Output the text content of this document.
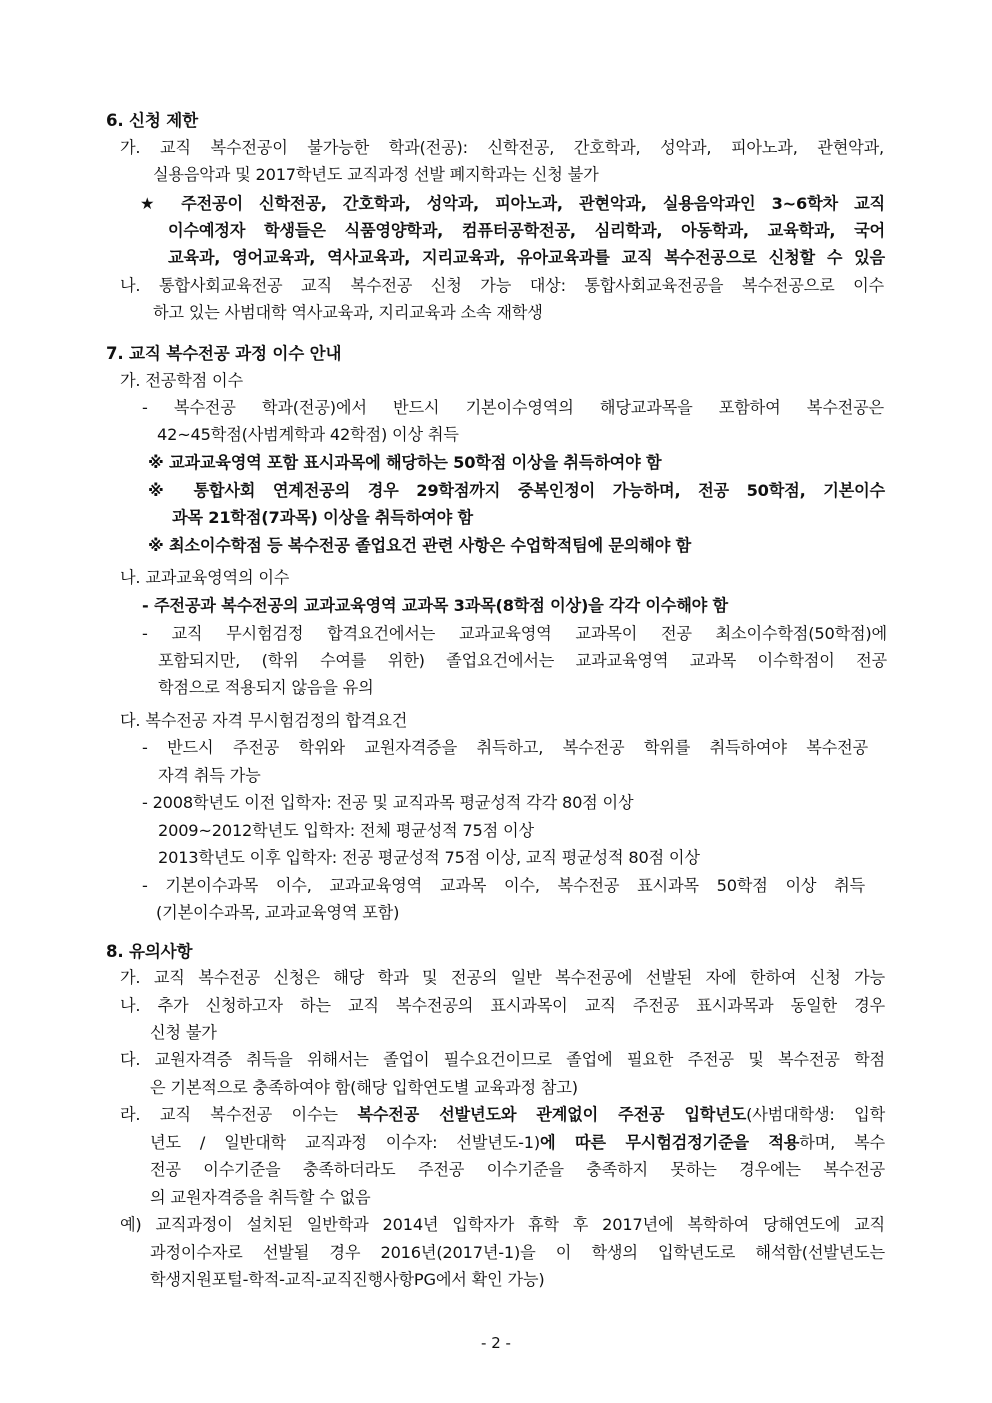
6. 신청 제한
가. 교직 복수전공이 불가능한 학과(전공): 신학전공, 간호학과, 성악과, 피아노과, 관현악과,
실용음악과 및 2017학년도 교직과정 선발 폐지학과는 신청 불가
★ 주전공이 신학전공, 간호학과, 성악과, 피아노과, 관현악과, 실용음악과인 3~6학차 교직
이수예정자 학생들은 식품영양학과, 컴퓨터공학전공, 심리학과, 아동학과, 교육학과, 국어
교육과, 영어교육과, 역사교육과, 지리교육과, 유아교육과를 교직 복수전공으로 신청할 수 있음
나. 통합사회교육전공 교직 복수전공 신청 가능 대상: 통합사회교육전공을 복수전공으로 이수
하고 있는 사범대학 역사교육과, 지리교육과 소속 재학생
7. 교직 복수전공 과정 이수 안내
가. 전공학점 이수
- 복수전공 학과(전공)에서 반드시 기본이수영역의 해당교과목을 포함하여 복수전공은
42~45학점(사범계학과 42학점) 이상 취득
※ 교과교육영역 포함 표시과목에 해당하는 50학점 이상을 취득하여야 함
※ 통합사회 연계전공의 경우 29학점까지 중복인정이 가능하며, 전공 50학점, 기본이수
과목 21학점(7과목) 이상을 취득하여야 함
※ 최소이수학점 등 복수전공 졸업요건 관련 사항은 수업학적팀에 문의해야 함
나. 교과교육영역의 이수
- 주전공과 복수전공의 교과교육영역 교과목 3과목(8학점 이상)을 각각 이수해야 함
- 교직 무시험검정 합격요건에서는 교과교육영역 교과목이 전공 최소이수학점(50학점)에
포함되지만, (학위 수여를 위한) 졸업요건에서는 교과교육영역 교과목 이수학점이 전공
학점으로 적용되지 않음을 유의
다. 복수전공 자격 무시험검정의 합격요건
- 반드시 주전공 학위와 교원자격증을 취득하고, 복수전공 학위를 취득하여야 복수전공
자격 취득 가능
- 2008학년도 이전 입학자: 전공 및 교직과목 평균성적 각각 80점 이상
2009~2012학년도 입학자: 전체 평균성적 75점 이상
2013학년도 이후 입학자: 전공 평균성적 75점 이상, 교직 평균성적 80점 이상
- 기본이수과목 이수, 교과교육영역 교과목 이수, 복수전공 표시과목 50학점 이상 취득
(기본이수과목, 교과교육영역 포함)
8. 유의사항
가. 교직 복수전공 신청은 해당 학과 및 전공의 일반 복수전공에 선발된 자에 한하여 신청 가능
나. 추가 신청하고자 하는 교직 복수전공의 표시과목이 교직 주전공 표시과목과 동일한 경우
신청 불가
다. 교원자격증 취득을 위해서는 졸업이 필수요건이므로 졸업에 필요한 주전공 및 복수전공 학점
은 기본적으로 충족하여야 함(해당 입학연도별 교육과정 참고)
라. 교직 복수전공 이수는 복수전공 선발년도와 관계없이 주전공 입학년도(사범대학생: 입학
년도 / 일반대학 교직과정 이수자: 선발년도-1)에 따른 무시험검정기준을 적용하며, 복수
전공 이수기준을 충족하더라도 주전공 이수기준을 충족하지 못하는 경우에는 복수전공
의 교원자격증을 취득할 수 없음
예) 교직과정이 설치된 일반학과 2014년 입학자가 휴학 후 2017년에 복학하여 당해연도에 교직
과정이수자로 선발될 경우 2016년(2017년-1)을 이 학생의 입학년도로 해석함(선발년도는
학생지원포털-학적-교직-교직진행사항PG에서 확인 가능)
- 2 -
